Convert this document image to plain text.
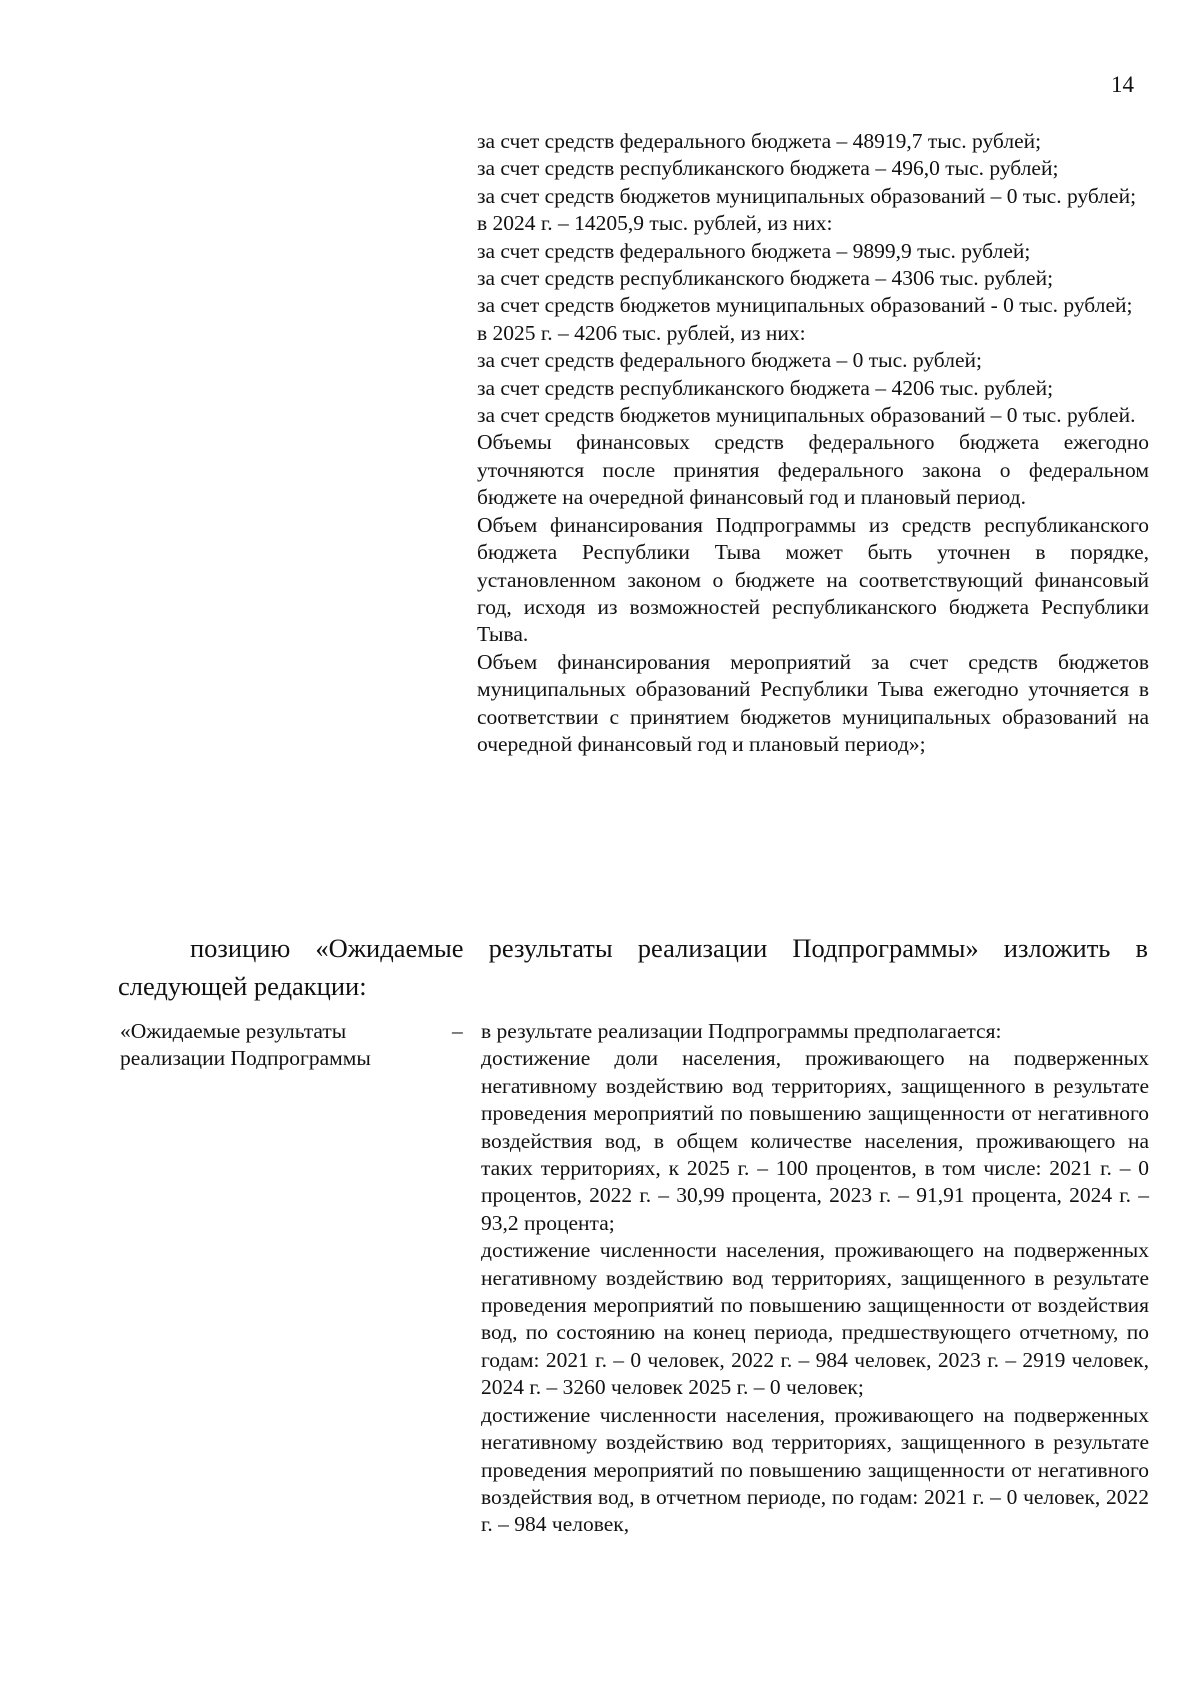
14
за счет средств федерального бюджета – 48919,7 тыс. рублей;
за счет средств республиканского бюджета – 496,0 тыс. рублей;
за счет средств бюджетов муниципальных образований – 0 тыс. рублей;
в 2024 г. – 14205,9 тыс. рублей, из них:
за счет средств федерального бюджета – 9899,9 тыс. рублей;
за счет средств республиканского бюджета – 4306 тыс. рублей;
за счет средств бюджетов муниципальных образований - 0 тыс. рублей;
в 2025 г. – 4206 тыс. рублей, из них:
за счет средств федерального бюджета – 0 тыс. рублей;
за счет средств республиканского бюджета – 4206 тыс. рублей;
за счет средств бюджетов муниципальных образований – 0 тыс. рублей.

Объемы финансовых средств федерального бюджета ежегодно уточняются после принятия федерального закона о федеральном бюджете на очередной финансовый год и плановый период.

Объем финансирования Подпрограммы из средств республиканского бюджета Республики Тыва может быть уточнен в порядке, установленном законом о бюджете на соответствующий финансовый год, исходя из возможностей республиканского бюджета Республики Тыва.

Объем финансирования мероприятий за счет средств бюджетов муниципальных образований Республики Тыва ежегодно уточняется в соответствии с принятием бюджетов муниципальных образований на очередной финансовый год и плановый период»;

позицию «Ожидаемые результаты реализации Подпрограммы» изложить в следующей редакции:
«Ожидаемые результаты реализации Подпрограммы
– в результате реализации Подпрограммы предполагается:

достижение доли населения, проживающего на подверженных негативному воздействию вод территориях, защищенного в результате проведения мероприятий по повышению защищенности от негативного воздействия вод, в общем количестве населения, проживающего на таких территориях, к 2025 г. – 100 процентов, в том числе: 2021 г. – 0 процентов, 2022 г. – 30,99 процента, 2023 г. – 91,91 процента, 2024 г. – 93,2 процента;

достижение численности населения, проживающего на подверженных негативному воздействию вод территориях, защищенного в результате проведения мероприятий по повышению защищенности от воздействия вод, по состоянию на конец периода, предшествующего отчетному, по годам: 2021 г. – 0 человек, 2022 г. – 984 человек, 2023 г. – 2919 человек, 2024 г. – 3260 человек 2025 г. – 0 человек;

достижение численности населения, проживающего на подверженных негативному воздействию вод территориях, защищенного в результате проведения мероприятий по повышению защищенности от негативного воздействия вод, в отчетном периоде, по годам: 2021 г. – 0 человек, 2022 г. – 984 человек,
